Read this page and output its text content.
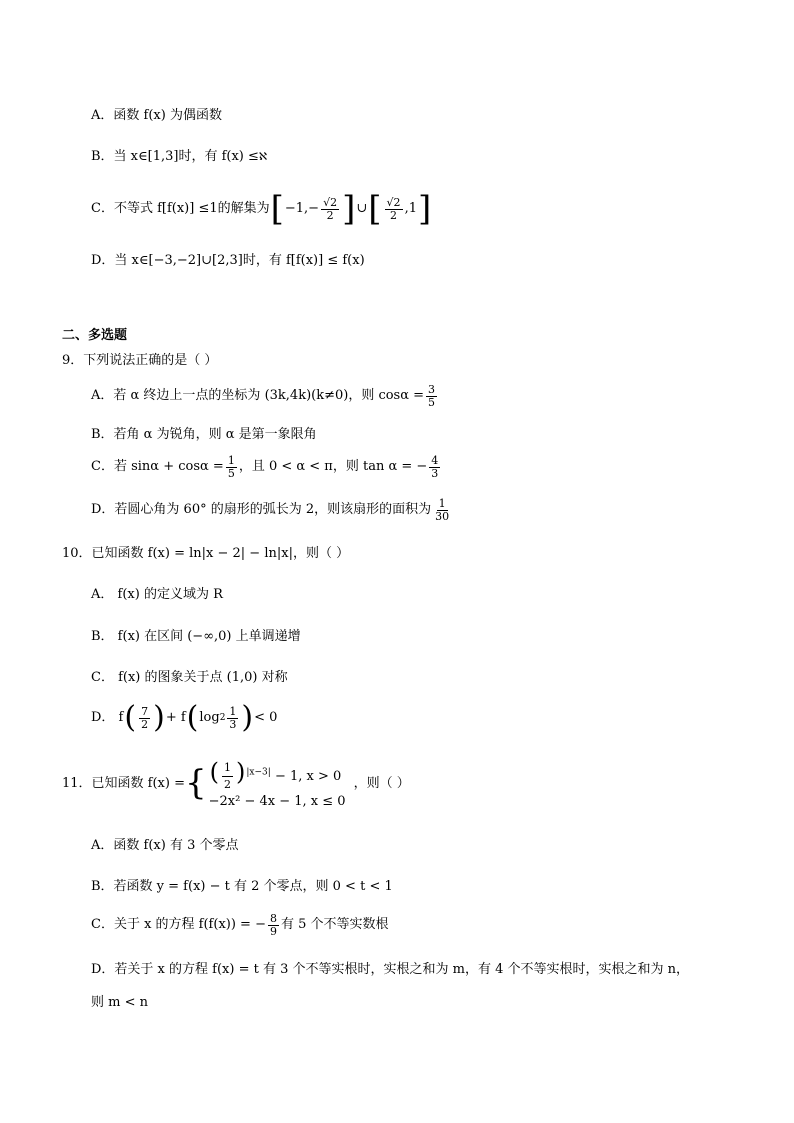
A．函数 f(x) 为偶函数
B．当 x∈[1,3]时，有 f(x) ≤ ℵ
C．不等式 f[f(x)] ≤1的解集为 [ $-1,- \frac{√2}{2}$ ] ∪ [ $\frac{√2}{2} ,1$ ]
D．当 x∈[−3,−2]∪[2,3]时，有 f[f(x)] ≤ f(x)
二、多选题
9．下列说法正确的是（ ）
A．若 α 终边上一点的坐标为 (3k,4k)(k≠0)，则 $\cos\alpha = \frac{3}{5}$
B．若角 α 为锐角，则 α 是第一象限角
C．若 $\sin\alpha + \cos\alpha = \frac{1}{5}$ ，且 0 < α < π，则 tan α = − $\frac{4}{3}$
D．若圆心角为 60° 的扇形的弧长为 2，则该扇形的面积为 $\frac{1}{30}$
10．已知函数 f(x) = ln|x − 2| − ln|x|，则（ ）
A． f(x) 的定义域为 R
B． f(x) 在区间 (−∞,0) 上单调递增
C． f(x) 的图象关于点 (1,0) 对称
D． f ( $\frac{7}{2}$ ) + f ( $\log 2 \frac{1}{3}$ ) < 0
11．已知函数 f(x) = { ( $\frac{1}{2} )^{|x-3|} - 1$, x > 0
−2x² − 4x − 1, x ≤ 0
，则（ ）
A．函数 f(x) 有 3 个零点
B．若函数 y = f(x) − t 有 2 个零点，则 0 < t < 1
C．关于 x 的方程 f(f(x)) = − $\frac{8}{9}$ 有 5 个不等实数根
D．若关于 x 的方程 f(x) = t 有 3 个不等实根时，实根之和为 m，有 4 个不等实根时，实根之和为 n，
则 m < n
